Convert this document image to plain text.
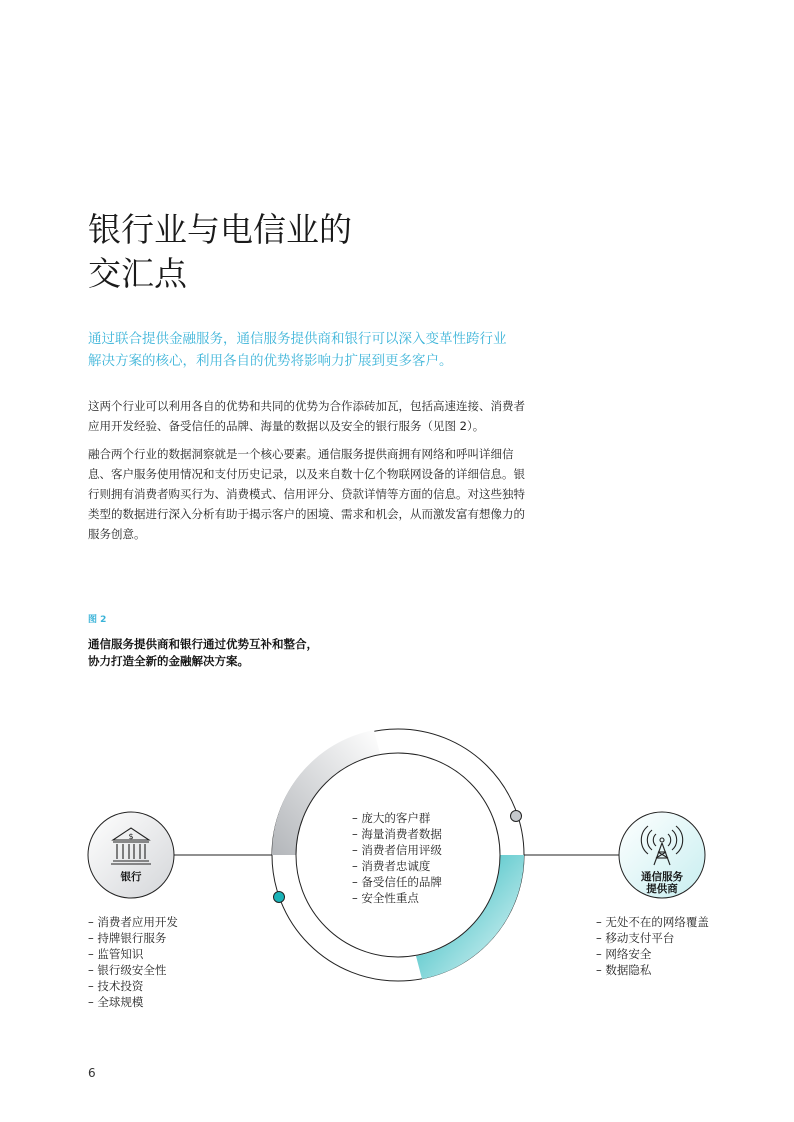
银行业与电信业的
交汇点
通过联合提供金融服务，通信服务提供商和银行可以深入变革性跨行业
解决方案的核心，利用各自的优势将影响力扩展到更多客户。
这两个行业可以利用各自的优势和共同的优势为合作添砖加瓦，包括高速连接、消费者
应用开发经验、备受信任的品牌、海量的数据以及安全的银行服务（见图 2）。
融合两个行业的数据洞察就是一个核心要素。通信服务提供商拥有网络和呼叫详细信
息、客户服务使用情况和支付历史记录，以及来自数十亿个物联网设备的详细信息。银
行则拥有消费者购买行为、消费模式、信用评分、贷款详情等方面的信息。对这些独特
类型的数据进行深入分析有助于揭示客户的困境、需求和机会，从而激发富有想像力的
服务创意。
图 2
通信服务提供商和银行通过优势互补和整合，
协力打造全新的金融解决方案。
$
银行	通信服务
提供商
– 庞大的客户群
– 海量消费者数据
– 消费者信用评级
– 消费者忠诚度
– 备受信任的品牌
– 安全性重点
– 消费者应用开发
– 持牌银行服务
– 监管知识
– 银行级安全性
– 技术投资
– 全球规模
– 无处不在的网络覆盖
– 移动支付平台
– 网络安全
– 数据隐私
6
